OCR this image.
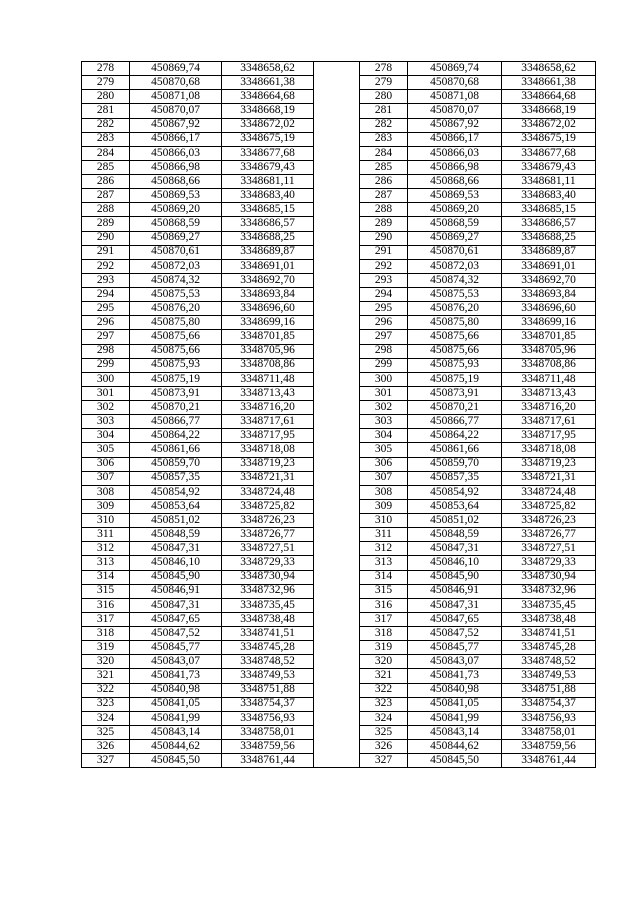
278	450869,74	3348658,62		278	450869,74	3348658,62
279	450870,68	3348661,38		279	450870,68	3348661,38
280	450871,08	3348664,68		280	450871,08	3348664,68
281	450870,07	3348668,19		281	450870,07	3348668,19
282	450867,92	3348672,02		282	450867,92	3348672,02
283	450866,17	3348675,19		283	450866,17	3348675,19
284	450866,03	3348677,68		284	450866,03	3348677,68
285	450866,98	3348679,43		285	450866,98	3348679,43
286	450868,66	3348681,11		286	450868,66	3348681,11
287	450869,53	3348683,40		287	450869,53	3348683,40
288	450869,20	3348685,15		288	450869,20	3348685,15
289	450868,59	3348686,57		289	450868,59	3348686,57
290	450869,27	3348688,25		290	450869,27	3348688,25
291	450870,61	3348689,87		291	450870,61	3348689,87
292	450872,03	3348691,01		292	450872,03	3348691,01
293	450874,32	3348692,70		293	450874,32	3348692,70
294	450875,53	3348693,84		294	450875,53	3348693,84
295	450876,20	3348696,60		295	450876,20	3348696,60
296	450875,80	3348699,16		296	450875,80	3348699,16
297	450875,66	3348701,85		297	450875,66	3348701,85
298	450875,66	3348705,96		298	450875,66	3348705,96
299	450875,93	3348708,86		299	450875,93	3348708,86
300	450875,19	3348711,48		300	450875,19	3348711,48
301	450873,91	3348713,43		301	450873,91	3348713,43
302	450870,21	3348716,20		302	450870,21	3348716,20
303	450866,77	3348717,61		303	450866,77	3348717,61
304	450864,22	3348717,95		304	450864,22	3348717,95
305	450861,66	3348718,08		305	450861,66	3348718,08
306	450859,70	3348719,23		306	450859,70	3348719,23
307	450857,35	3348721,31		307	450857,35	3348721,31
308	450854,92	3348724,48		308	450854,92	3348724,48
309	450853,64	3348725,82		309	450853,64	3348725,82
310	450851,02	3348726,23		310	450851,02	3348726,23
311	450848,59	3348726,77		311	450848,59	3348726,77
312	450847,31	3348727,51		312	450847,31	3348727,51
313	450846,10	3348729,33		313	450846,10	3348729,33
314	450845,90	3348730,94		314	450845,90	3348730,94
315	450846,91	3348732,96		315	450846,91	3348732,96
316	450847,31	3348735,45		316	450847,31	3348735,45
317	450847,65	3348738,48		317	450847,65	3348738,48
318	450847,52	3348741,51		318	450847,52	3348741,51
319	450845,77	3348745,28		319	450845,77	3348745,28
320	450843,07	3348748,52		320	450843,07	3348748,52
321	450841,73	3348749,53		321	450841,73	3348749,53
322	450840,98	3348751,88		322	450840,98	3348751,88
323	450841,05	3348754,37		323	450841,05	3348754,37
324	450841,99	3348756,93		324	450841,99	3348756,93
325	450843,14	3348758,01		325	450843,14	3348758,01
326	450844,62	3348759,56		326	450844,62	3348759,56
327	450845,50	3348761,44		327	450845,50	3348761,44
